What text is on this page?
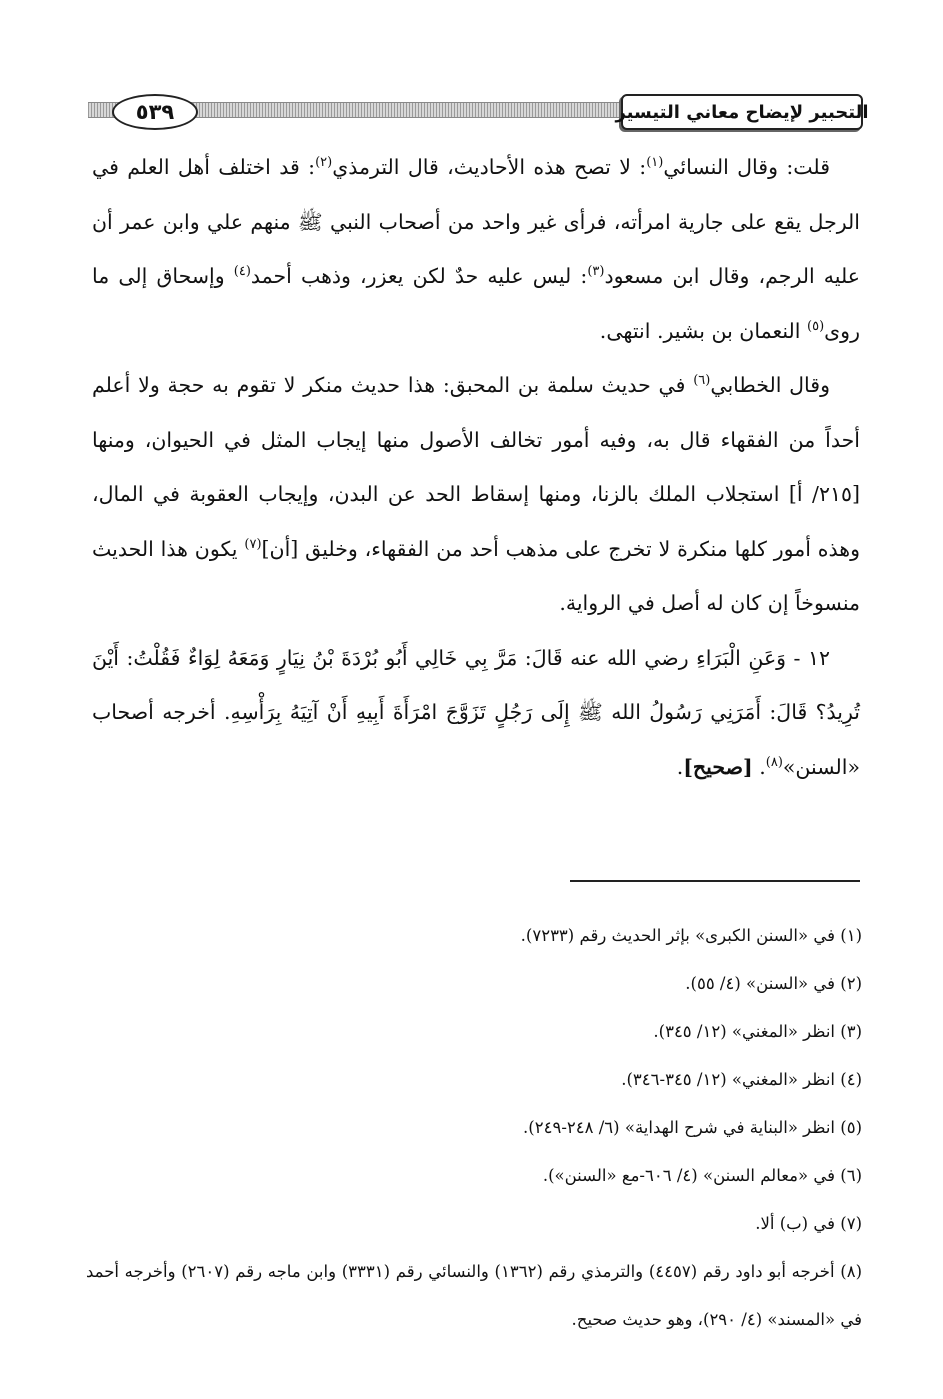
٥٣٩	التحبير لإيضاح معاني التيسير

قلت: وقال النسائي$^{(١)}$: لا تصح هذه الأحاديث، قال الترمذي$^{(٢)}$: قد اختلف أهل العلم في الرجل يقع على جارية امرأته، فرأى غير واحد من أصحاب النبي ﷺ منهم علي وابن عمر أن عليه الرجم، وقال ابن مسعود$^{(٣)}$: ليس عليه حدٌ لكن يعزر، وذهب أحمد$^{(٤)}$ وإسحاق إلى ما روى$^{(٥)}$ النعمان بن بشير. انتهى.

وقال الخطابي$^{(٦)}$ في حديث سلمة بن المحبق: هذا حديث منكر لا تقوم به حجة ولا أعلم أحداً من الفقهاء قال به، وفيه أمور تخالف الأصول منها إيجاب المثل في الحيوان، ومنها [٢١٥/ أ] استجلاب الملك بالزنا، ومنها إسقاط الحد عن البدن، وإيجاب العقوبة في المال، وهذه أمور كلها منكرة لا تخرج على مذهب أحد من الفقهاء، وخليق [أن]$^{(٧)}$ يكون هذا الحديث منسوخاً إن كان له أصل في الرواية.

١٢ - وَعَنِ الْبَرَاءِ رضي الله عنه قَالَ: مَرَّ بِي خَالِي أَبُو بُرْدَةَ بْنُ نِيَارٍ وَمَعَهُ لِوَاءٌ فَقُلْتُ: أَيْنَ تُرِيدُ؟ قَالَ: أَمَرَنِي رَسُولُ الله ﷺ إِلَى رَجُلٍ تَزَوَّجَ امْرَأَةَ أَبِيهِ أَنْ آتِيَهُ بِرَأْسِهِ. أخرجه أصحاب «السنن»$^{(٨)}$. [صحيح].

(١) في «السنن الكبرى» بإثر الحديث رقم (٧٢٣٣).
(٢) في «السنن» (٤/ ٥٥).
(٣) انظر «المغني» (١٢/ ٣٤٥).
(٤) انظر «المغني» (١٢/ ٣٤٥-٣٤٦).
(٥) انظر «البناية في شرح الهداية» (٦/ ٢٤٨-٢٤٩).
(٦) في «معالم السنن» (٤/ ٦٠٦-مع «السنن»).
(٧) في (ب) ألا.
(٨) أخرجه أبو داود رقم (٤٤٥٧) والترمذي رقم (١٣٦٢) والنسائي رقم (٣٣٣١) وابن ماجه رقم (٢٦٠٧) وأخرجه أحمد في «المسند» (٤/ ٢٩٠)، وهو حديث صحيح.
